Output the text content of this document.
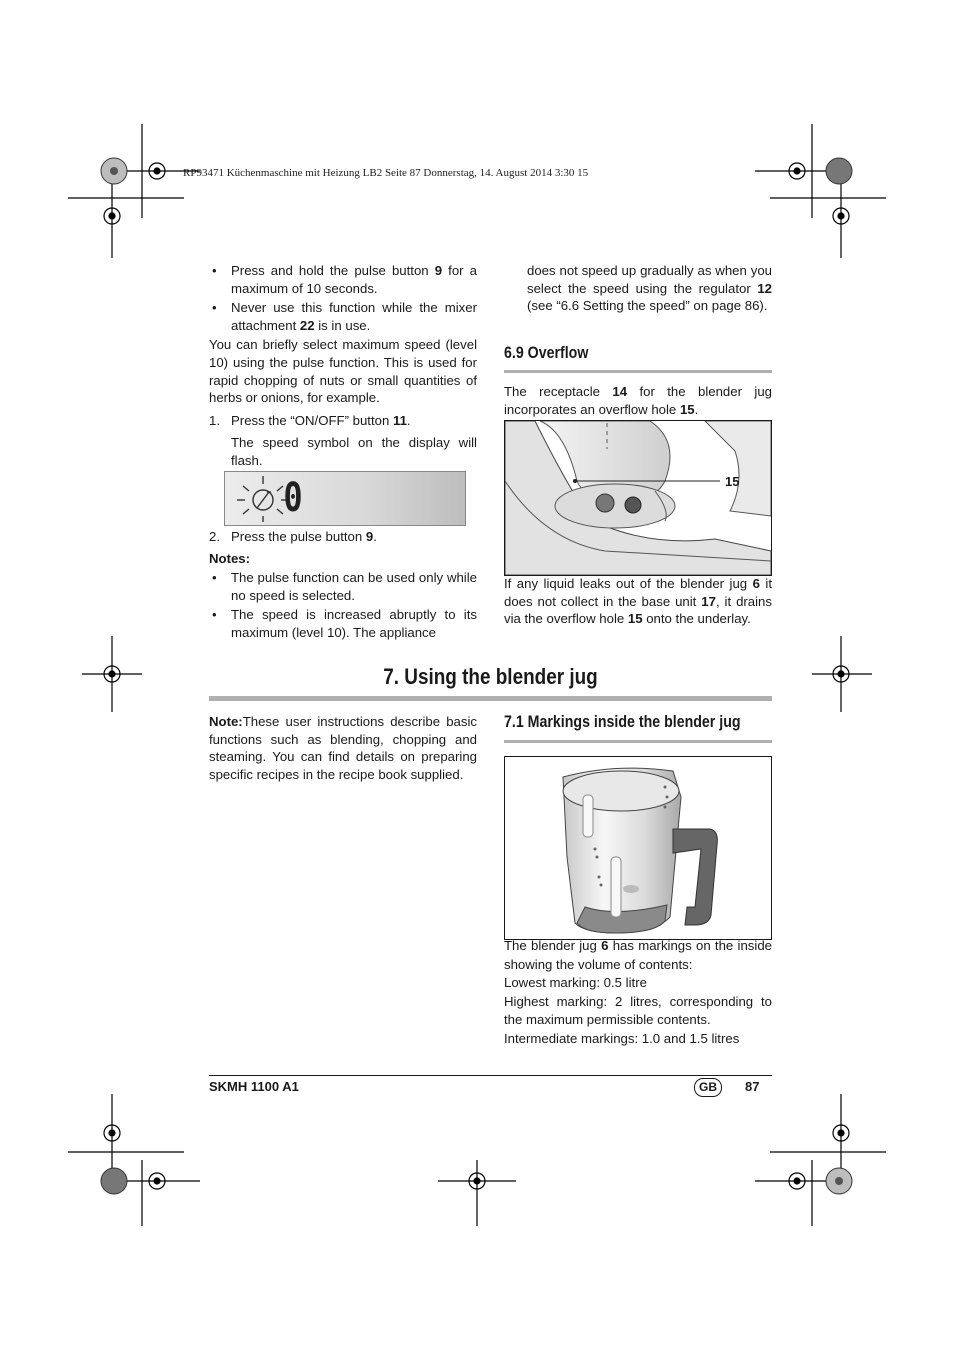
RP93471 Küchenmaschine mit Heizung LB2 Seite 87 Donnerstag, 14. August 2014 3:30 15

• Press and hold the pulse button 9 for a maximum of 10 seconds.

• Never use this function while the mixer attachment 22 is in use.

You can briefly select maximum speed (level 10) using the pulse function. This is used for rapid chopping of nuts or small quantities of herbs or onions, for example.

1. Press the “ON/OFF” button 11.

The speed symbol on the display will flash.

0

2. Press the pulse button 9.

Notes:

• The pulse function can be used only while no speed is selected.

• The speed is increased abruptly to its maximum (level 10). The appliance

does not speed up gradually as when you select the speed using the regulator 12 (see “6.6 Setting the speed” on page 86).

6.9 Overflow

The receptacle 14 for the blender jug incorporates an overflow hole 15.

15

If any liquid leaks out of the blender jug 6 it does not collect in the base unit 17, it drains via the overflow hole 15 onto the underlay.

7. Using the blender jug

Note:These user instructions describe basic functions such as blending, chopping and steaming. You can find details on preparing specific recipes in the recipe book supplied.

7.1 Markings inside the blender jug

The blender jug 6 has markings on the inside showing the volume of contents:

Lowest marking: 0.5 litre

Highest marking: 2 litres, corresponding to the maximum permissible contents.

Intermediate markings: 1.0 and 1.5 litres

SKMH 1100 A1	GB	87
